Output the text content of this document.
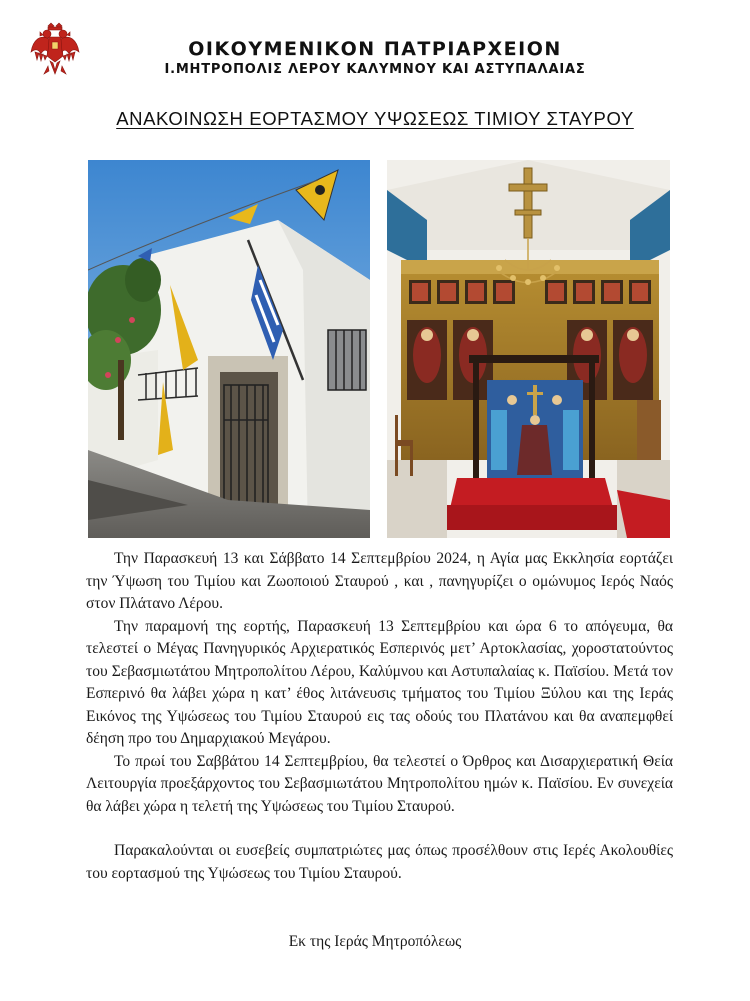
ΟΙΚΟΥΜΕΝΙΚΟΝ ΠΑΤΡΙΑΡΧΕΙΟΝ
Ι.ΜΗΤΡΟΠΟΛΙΣ ΛΕΡΟΥ ΚΑΛΥΜΝΟΥ ΚΑΙ ΑΣΤΥΠΑΛΑΙΑΣ
ΑΝΑΚΟΙΝΩΣΗ ΕΟΡΤΑΣΜΟΥ ΥΨΩΣΕΩΣ ΤΙΜΙΟΥ ΣΤΑΥΡΟΥ

Την Παρασκευή 13 και Σάββατο 14 Σεπτεμβρίου 2024, η Αγία μας Εκκλησία εορτάζει την Ύψωση του Τιμίου και Ζωοποιού Σταυρού , και , πανηγυρίζει ο ομώνυμος Ιερός Ναός στον Πλάτανο Λέρου.

Την παραμονή της εορτής, Παρασκευή 13 Σεπτεμβρίου και ώρα 6 το απόγευμα, θα τελεστεί ο Μέγας Πανηγυρικός Αρχιερατικός Εσπερινός μετ’ Αρτοκλασίας, χοροστατούντος του Σεβασμιωτάτου Μητροπολίτου Λέρου, Καλύμνου και Αστυπαλαίας κ. Παϊσίου. Μετά τον Εσπερινό θα λάβει χώρα η κατ’ έθος λιτάνευσις τμήματος του Τιμίου Ξύλου και της Ιεράς Εικόνος της Υψώσεως του Τιμίου Σταυρού εις τας οδούς του Πλατάνου και θα αναπεμφθεί δέηση προ του Δημαρχιακού Μεγάρου.

Το πρωί του Σαββάτου 14 Σεπτεμβρίου, θα τελεστεί ο Όρθρος και Δισαρχιερατική Θεία Λειτουργία προεξάρχοντος του Σεβασμιωτάτου Μητροπολίτου ημών κ. Παϊσίου. Εν συνεχεία θα λάβει χώρα η τελετή της Υψώσεως του Τιμίου Σταυρού.

Παρακαλούνται οι ευσεβείς συμπατριώτες μας όπως προσέλθουν στις Ιερές Ακολουθίες του εορτασμού της Υψώσεως του Τιμίου Σταυρού.

Εκ της Ιεράς Μητροπόλεως
